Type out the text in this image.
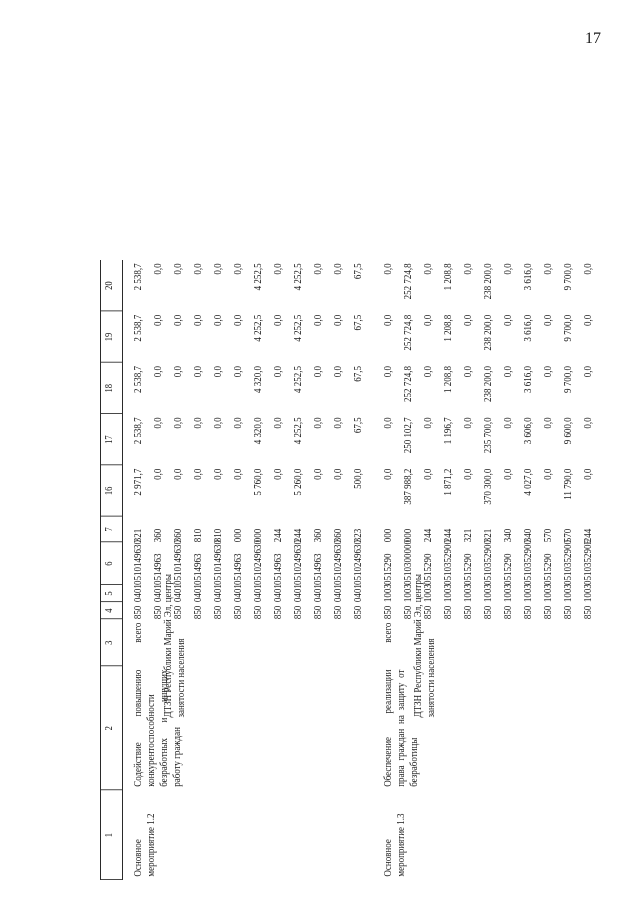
17
1
2
3
4
5
6
7
16
17
18
19
20
850
0401
0510149630
321
2 971,7
2 538,7
2 538,7
2 538,7
2 538,7
850
0401
0514963
360
0,0
0,0
0,0
0,0
0,0
850
0401
0510149630
360
0,0
0,0
0,0
0,0
0,0
850
0401
0514963
810
0,0
0,0
0,0
0,0
0,0
850
0401
0510149630
810
0,0
0,0
0,0
0,0
0,0
850
0401
0514963
000
0,0
0,0
0,0
0,0
0,0
850
0401
0510249630
000
5 760,0
4 320,0
4 320,0
4 252,5
4 252,5
850
0401
0514963
244
0,0
0,0
0,0
0,0
0,0
850
0401
0510249630
244
5 260,0
4 252,5
4 252,5
4 252,5
4 252,5
850
0401
0514963
360
0,0
0,0
0,0
0,0
0,0
850
0401
0510249630
360
0,0
0,0
0,0
0,0
0,0
850
0401
0510249630
323
500,0
67,5
67,5
67,5
67,5
Основное мероприятие 1.2
Содействие повышению конкурентоспособности безработных и ищущих работу граждан
всего ДТЗН Республики Марий Эл, центры занятости населения
850
1003
0515290
000
0,0
0,0
0,0
0,0
0,0
850
1003
0510300000
000
387 988,2
250 102,7
252 724,8
252 724,8
252 724,8
850
1003
0515290
244
0,0
0,0
0,0
0,0
0,0
850
1003
0510352900
244
1 871,2
1 196,7
1 208,8
1 208,8
1 208,8
850
1003
0515290
321
0,0
0,0
0,0
0,0
0,0
850
1003
0510352900
321
370 300,0
235 700,0
238 200,0
238 200,0
238 200,0
850
1003
0515290
340
0,0
0,0
0,0
0,0
0,0
850
1003
0510352900
340
4 027,0
3 606,0
3 616,0
3 616,0
3 616,0
850
1003
0515290
570
0,0
0,0
0,0
0,0
0,0
850
1003
0510352900
570
11 790,0
9 600,0
9 700,0
9 700,0
9 700,0
850
1003
051035290F
244
0,0
0,0
0,0
0,0
0,0
Основное мероприятие 1.3
Обеспечение реализации права граждан на защиту от безработицы
всего ДТЗН Республики Марий Эл, центры занятости населения
